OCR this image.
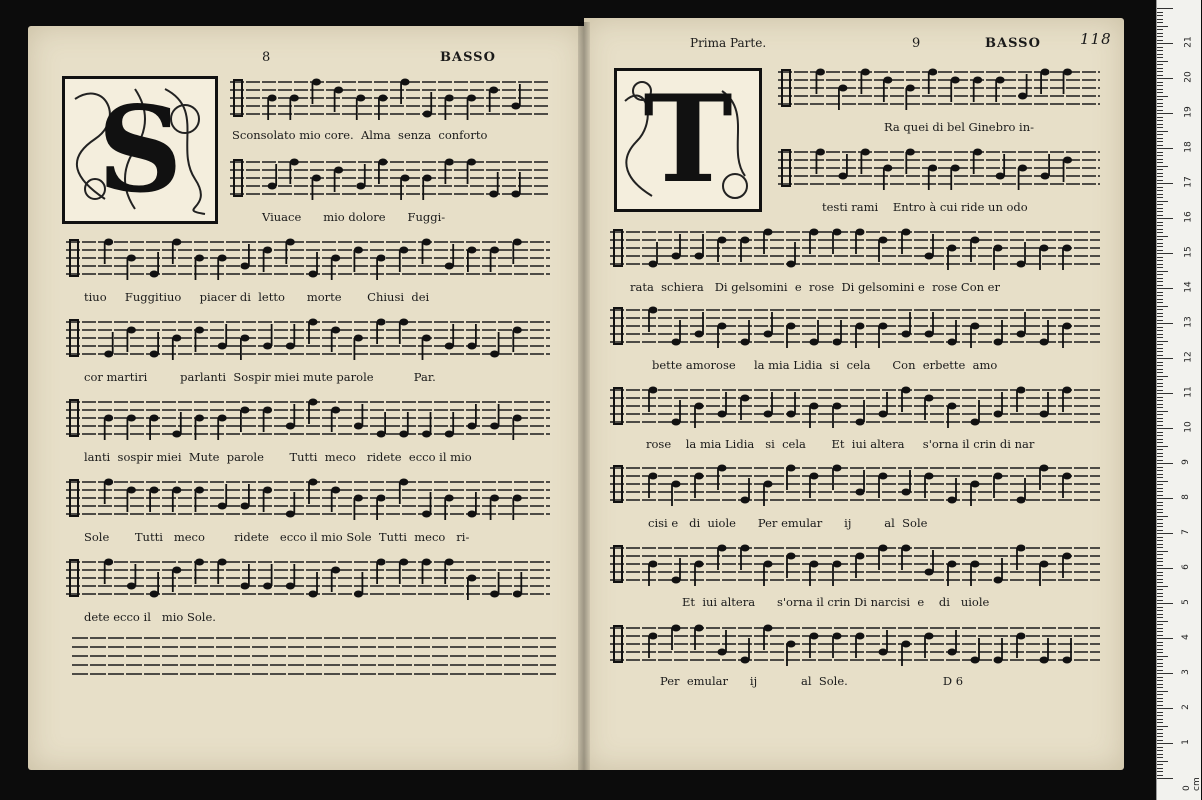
8	BASSO
S
Prima Parte.	9	BASSO	118
T
Sconsolato mio core.  Alma  senza  conforto
Viuace      mio dolore      Fuggi-
tiuo     Fuggitiuo     piacer di  letto      morte       Chiusi  dei
cor martiri         parlanti  Sospir miei mute parole           Par.
lanti  sospir miei  Mute  parole       Tutti  meco   ridete  ecco il mio
Sole       Tutti   meco        ridete   ecco il mio Sole  Tutti  meco   ri-
dete ecco il   mio Sole.
Ra quei di bel Ginebro in-
testi rami    Entro à cui ride un odo
rata  schiera   Di gelsomini  e  rose  Di gelsomini e  rose Con er
bette amorose     la mia Lidia  si  cela      Con  erbette  amo
rose    la mia Lidia   si  cela       Et  iui altera     s'orna il crin di nar
cisi e   di  uiole      Per emular      ij         al  Sole
Et  iui altera      s'orna il crin Di narcisi  e    di   uiole
Per  emular      ij            al  Sole.                          D 6
0 cm
1
2
3
4
5
6
7
8
9
10
11
12
13
14
15
16
17
18
19
20
21
